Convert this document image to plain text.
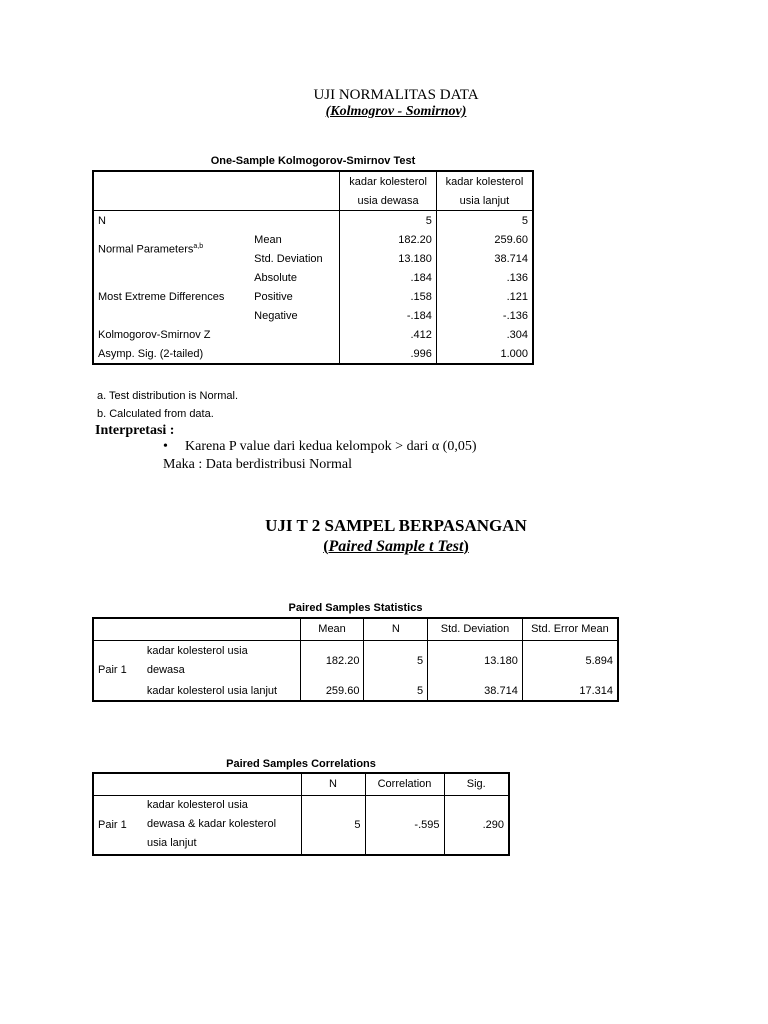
UJI NORMALITAS DATA
(Kolmogrov - Somirnov)
One-Sample Kolmogorov-Smirnov Test
		kadar kolesterol	kadar kolesterol
		usia dewasa	usia lanjut
N		5	5
Normal Parameters$^{a,b}$	Mean	182.20	259.60
	Std. Deviation	13.180	38.714
Most Extreme Differences	Absolute	.184	.136
	Positive	.158	.121
	Negative	-.184	-.136
Kolmogorov-Smirnov Z		.412	.304
Asymp. Sig. (2-tailed)		.996	1.000
a. Test distribution is Normal.
b. Calculated from data.
Interpretasi :
• Karena P value dari kedua kelompok > dari α (0,05)
Maka : Data berdistribusi Normal
UJI T 2 SAMPEL BERPASANGAN
(Paired Sample t Test)
Paired Samples Statistics
		Mean	N	Std. Deviation	Std. Error Mean
Pair 1	kadar kolesterol usia
dewasa	182.20	5	13.180	5.894
	kadar kolesterol usia lanjut	259.60	5	38.714	17.314
Paired Samples Correlations
		N	Correlation	Sig.
Pair 1	kadar kolesterol usia
dewasa & kadar kolesterol
usia lanjut	5	-.595	.290
